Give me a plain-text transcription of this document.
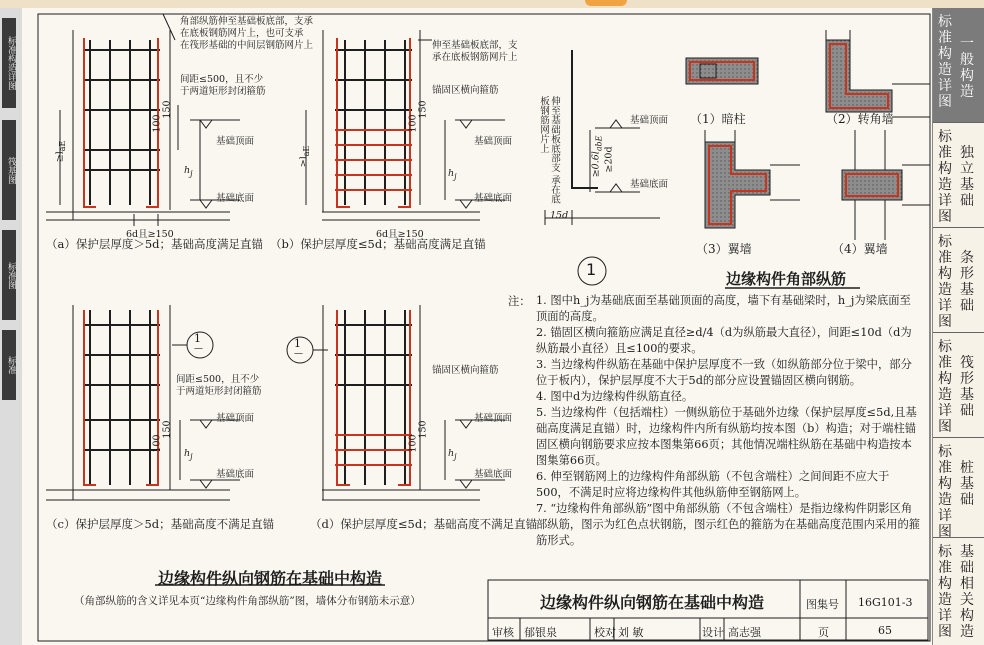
标准构造详图
筏基图
标准图
标准
角部纵筋伸至基础板底部，支承
在底板钢筋网片上，也可支承
在筏形基础的中间层钢筋网片上
间距≤500，且不少
于两道矩形封闭箍筋
基础顶面
基础底面
6d且≥150
100
150
$\ge l_{aE}$
$h_j$
（a）保护层厚度＞5d；基础高度满足直锚
伸至基础板底部，支
承在底板钢筋网片上
锚固区横向箍筋
基础顶面
基础底面
6d且≥150
100
150
$\ge l_{aE}$
$h_j$
（b）保护层厚度≤5d；基础高度满足直锚
间距≤500，且不少
于两道矩形封闭箍筋
基础顶面
基础底面
100
150
$h_j$
1
—
（c）保护层厚度＞5d；基础高度不满足直锚
锚固区横向箍筋
基础顶面
基础底面
100
150
$h_j$
1
—
（d）保护层厚度≤5d；基础高度不满足直锚
伸至基础板底部支 承在底板钢筋网片上	基础顶面
基础底面
$\ge 0.6l_{abE}$
≥20d
15d
（1）暗柱	（2）转角墙
（3）翼墙	（4）翼墙
1	边缘构件角部纵筋
注： 1. 图中h_j为基础底面至基础顶面的高度，墙下有基础梁时，h_j为梁底面至顶面的高度。
2. 锚固区横向箍筋应满足直径≥d/4（d为纵筋最大直径），间距≤10d（d为纵筋最小直径）且≤100的要求。
3. 当边缘构件纵筋在基础中保护层厚度不一致（如纵筋部分位于梁中，部分位于板内），保护层厚度不大于5d的部分应设置锚固区横向钢筋。
4. 图中d为边缘构件纵筋直径。
5. 当边缘构件（包括端柱）一侧纵筋位于基础外边缘（保护层厚度≤5d,且基础高度满足直锚）时，边缘构件内所有纵筋均按本图（b）构造；对于端柱锚固区横向钢筋要求应按本图集第66页；其他情况端柱纵筋在基础中构造按本图集第66页。
6. 伸至钢筋网上的边缘构件角部纵筋（不包含端柱）之间间距不应大于500，不满足时应将边缘构件其他纵筋伸至钢筋网上。
7. “边缘构件角部纵筋”图中角部纵筋（不包含端柱）是指边缘构件阴影区角部纵筋，图示为红色点状钢筋，图示红色的箍筋为在基础高度范围内采用的箍筋形式。
边缘构件纵向钢筋在基础中构造
（角部纵筋的含义详见本页“边缘构件角部纵筋”图，墙体分布钢筋未示意）	边缘构件纵向钢筋在基础中构造	图集号 16G101-3
审核 郁银泉	校对 刘 敏	设计 高志强	页	65
标准构造详图
一般构造
标准构造详图
独立基础
标准构造详图
条形基础
标准构造详图
筏形基础
标准构造详图
桩基础
标准构造详图
基础相关构造
